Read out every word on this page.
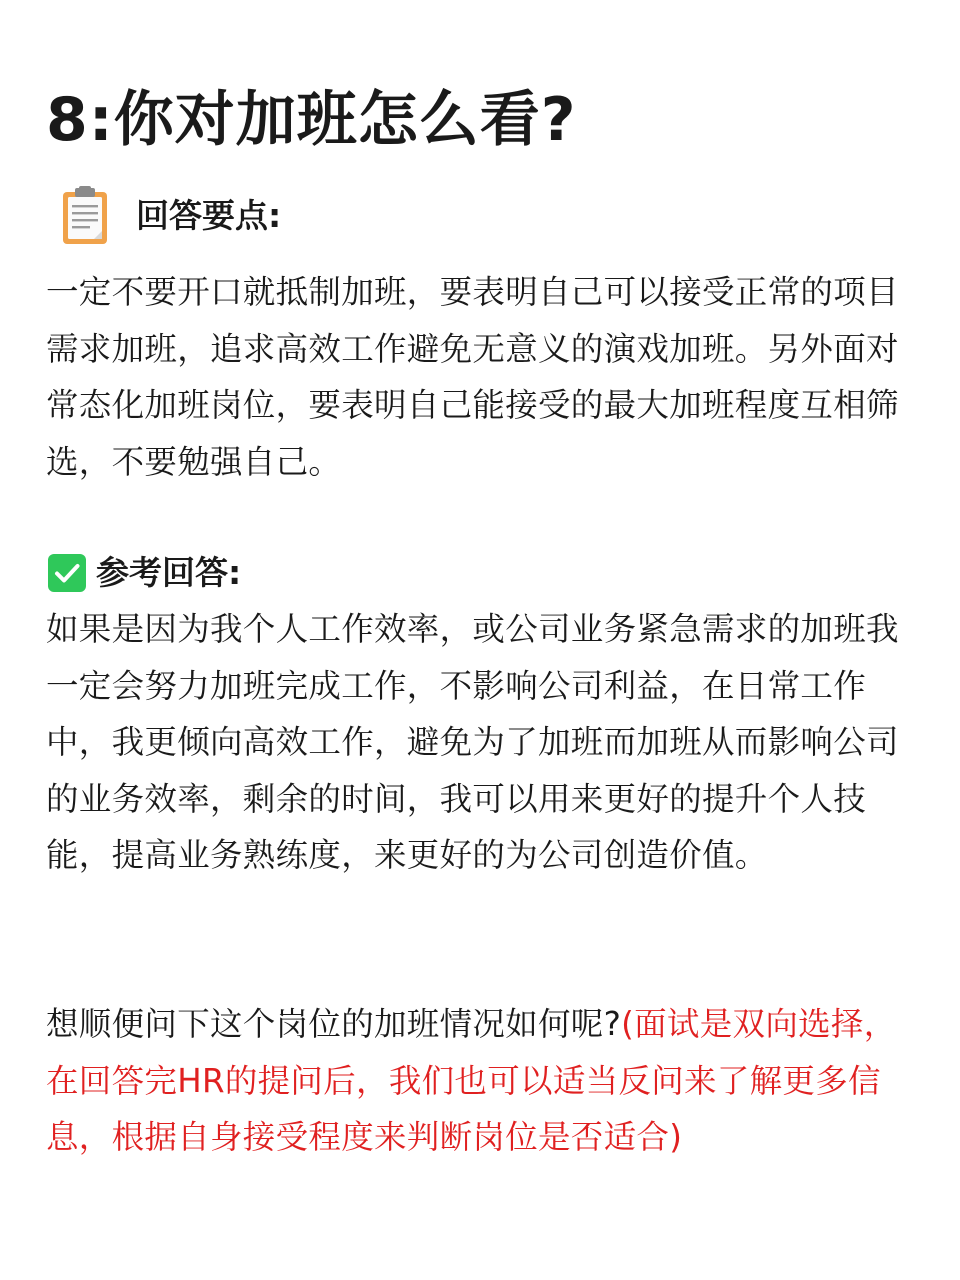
8:你对加班怎么看?
回答要点:
一定不要开口就抵制加班，要表明自己可以接受正常的项目需求加班，追求高效工作避免无意义的演戏加班。另外面对常态化加班岗位，要表明自己能接受的最大加班程度互相筛选，不要勉强自己。
参考回答:
如果是因为我个人工作效率，或公司业务紧急需求的加班我一定会努力加班完成工作，不影响公司利益，在日常工作中，我更倾向高效工作，避免为了加班而加班从而影响公司的业务效率，剩余的时间，我可以用来更好的提升个人技能，提高业务熟练度，来更好的为公司创造价值。
想顺便问下这个岗位的加班情况如何呢?(面试是双向选择，在回答完HR的提问后，我们也可以适当反问来了解更多信息，根据自身接受程度来判断岗位是否适合)
